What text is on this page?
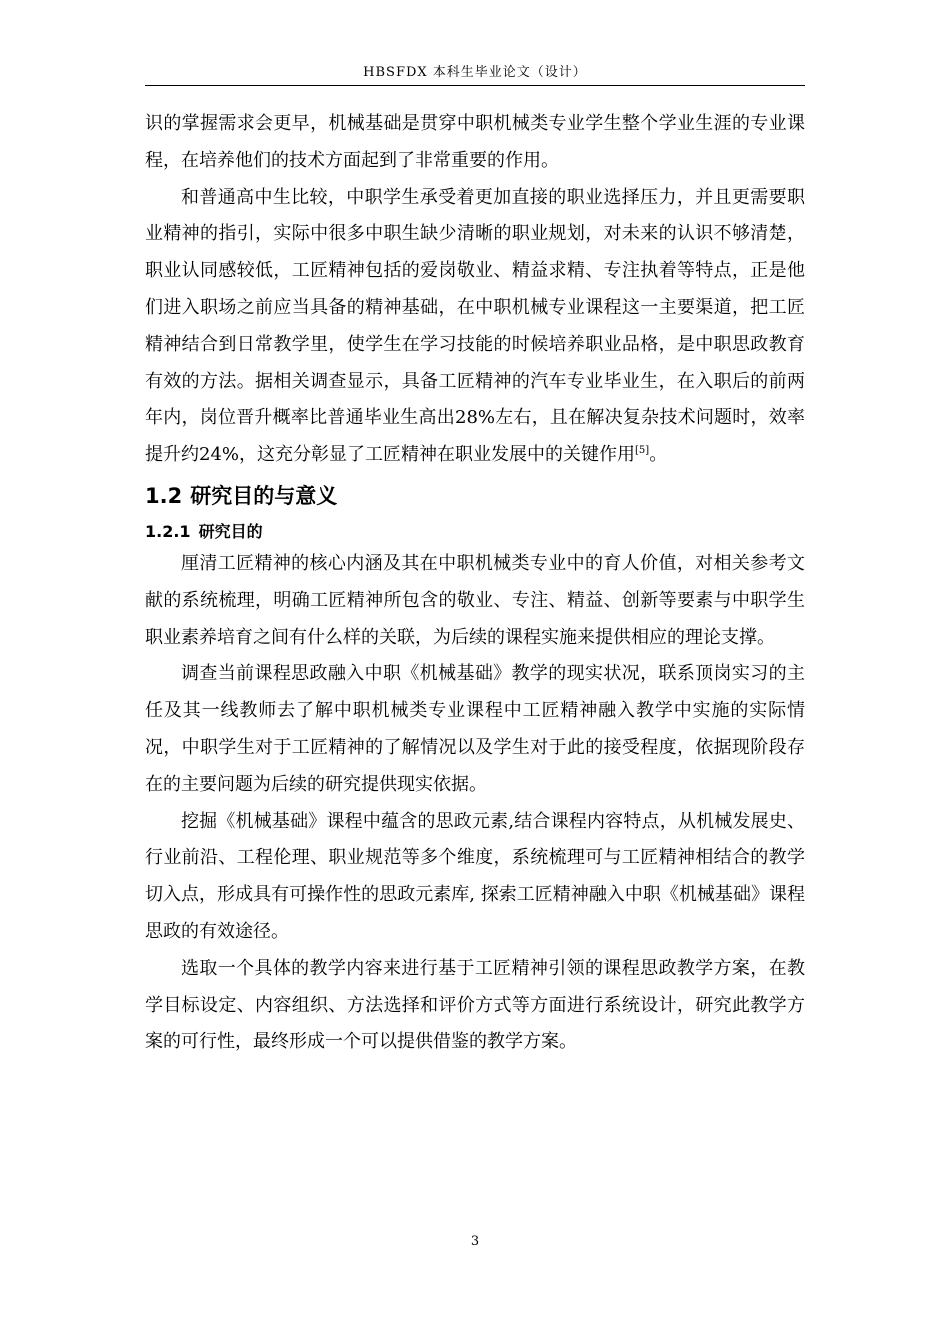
HBSFDX 本科生毕业论文（设计）

识的掌握需求会更早，机械基础是贯穿中职机械类专业学生整个学业生涯的专业课程，在培养他们的技术方面起到了非常重要的作用。

和普通高中生比较，中职学生承受着更加直接的职业选择压力，并且更需要职业精神的指引，实际中很多中职生缺少清晰的职业规划，对未来的认识不够清楚，职业认同感较低，工匠精神包括的爱岗敬业、精益求精、专注执着等特点，正是他们进入职场之前应当具备的精神基础，在中职机械专业课程这一主要渠道，把工匠精神结合到日常教学里，使学生在学习技能的时候培养职业品格，是中职思政教育有效的方法。据相关调查显示，具备工匠精神的汽车专业毕业生，在入职后的前两年内，岗位晋升概率比普通毕业生高出28%左右，且在解决复杂技术问题时，效率提升约24%，这充分彰显了工匠精神在职业发展中的关键作用[5]。

1.2 研究目的与意义
1.2.1 研究目的

厘清工匠精神的核心内涵及其在中职机械类专业中的育人价值，对相关参考文献的系统梳理，明确工匠精神所包含的敬业、专注、精益、创新等要素与中职学生职业素养培育之间有什么样的关联，为后续的课程实施来提供相应的理论支撑。

调查当前课程思政融入中职《机械基础》教学的现实状况，联系顶岗实习的主任及其一线教师去了解中职机械类专业课程中工匠精神融入教学中实施的实际情况，中职学生对于工匠精神的了解情况以及学生对于此的接受程度，依据现阶段存在的主要问题为后续的研究提供现实依据。

挖掘《机械基础》课程中蕴含的思政元素,结合课程内容特点，从机械发展史、行业前沿、工程伦理、职业规范等多个维度，系统梳理可与工匠精神相结合的教学切入点，形成具有可操作性的思政元素库, 探索工匠精神融入中职《机械基础》课程思政的有效途径。

选取一个具体的教学内容来进行基于工匠精神引领的课程思政教学方案，在教学目标设定、内容组织、方法选择和评价方式等方面进行系统设计，研究此教学方案的可行性，最终形成一个可以提供借鉴的教学方案。

3
